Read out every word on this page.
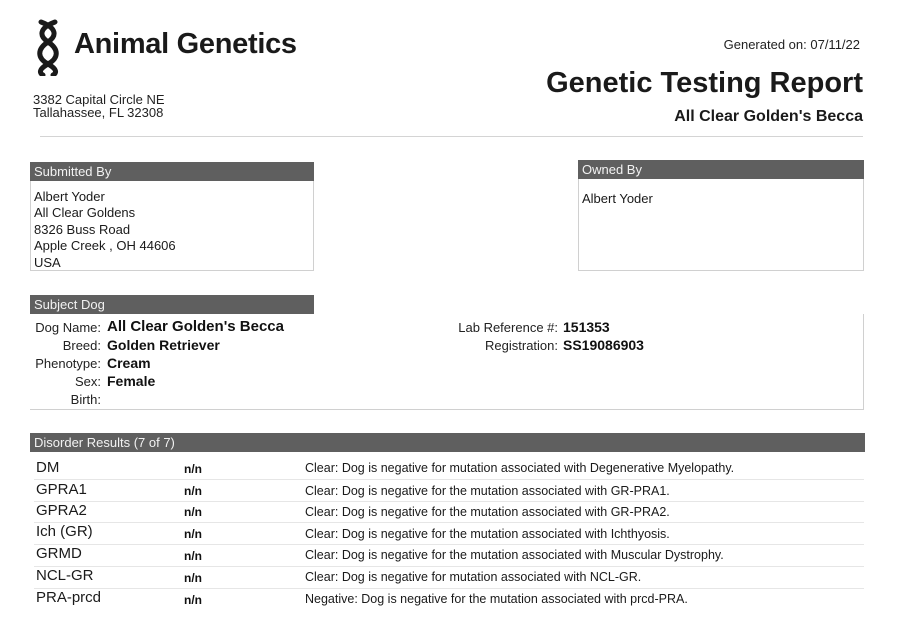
Animal Genetics
3382 Capital Circle NE
Tallahassee, FL 32308
Generated on: 07/11/22
Genetic Testing Report
All Clear Golden's Becca
Submitted By
Albert Yoder
All Clear Goldens
8326 Buss Road
Apple Creek , OH 44606
USA
Owned By
Albert Yoder
Subject Dog
Dog Name: All Clear Golden's Becca
Breed: Golden Retriever
Phenotype: Cream
Sex: Female
Birth:
Lab Reference #: 151353
Registration: SS19086903
Disorder Results (7 of 7)
DM	n/n	Clear: Dog is negative for mutation associated with Degenerative Myelopathy.
GPRA1	n/n	Clear: Dog is negative for the mutation associated with GR-PRA1.
GPRA2	n/n	Clear: Dog is negative for the mutation associated with GR-PRA2.
Ich (GR)	n/n	Clear: Dog is negative for the mutation associated with Ichthyosis.
GRMD	n/n	Clear: Dog is negative for the mutation associated with Muscular Dystrophy.
NCL-GR	n/n	Clear: Dog is negative for mutation associated with NCL-GR.
PRA-prcd	n/n	Negative: Dog is negative for the mutation associated with prcd-PRA.
